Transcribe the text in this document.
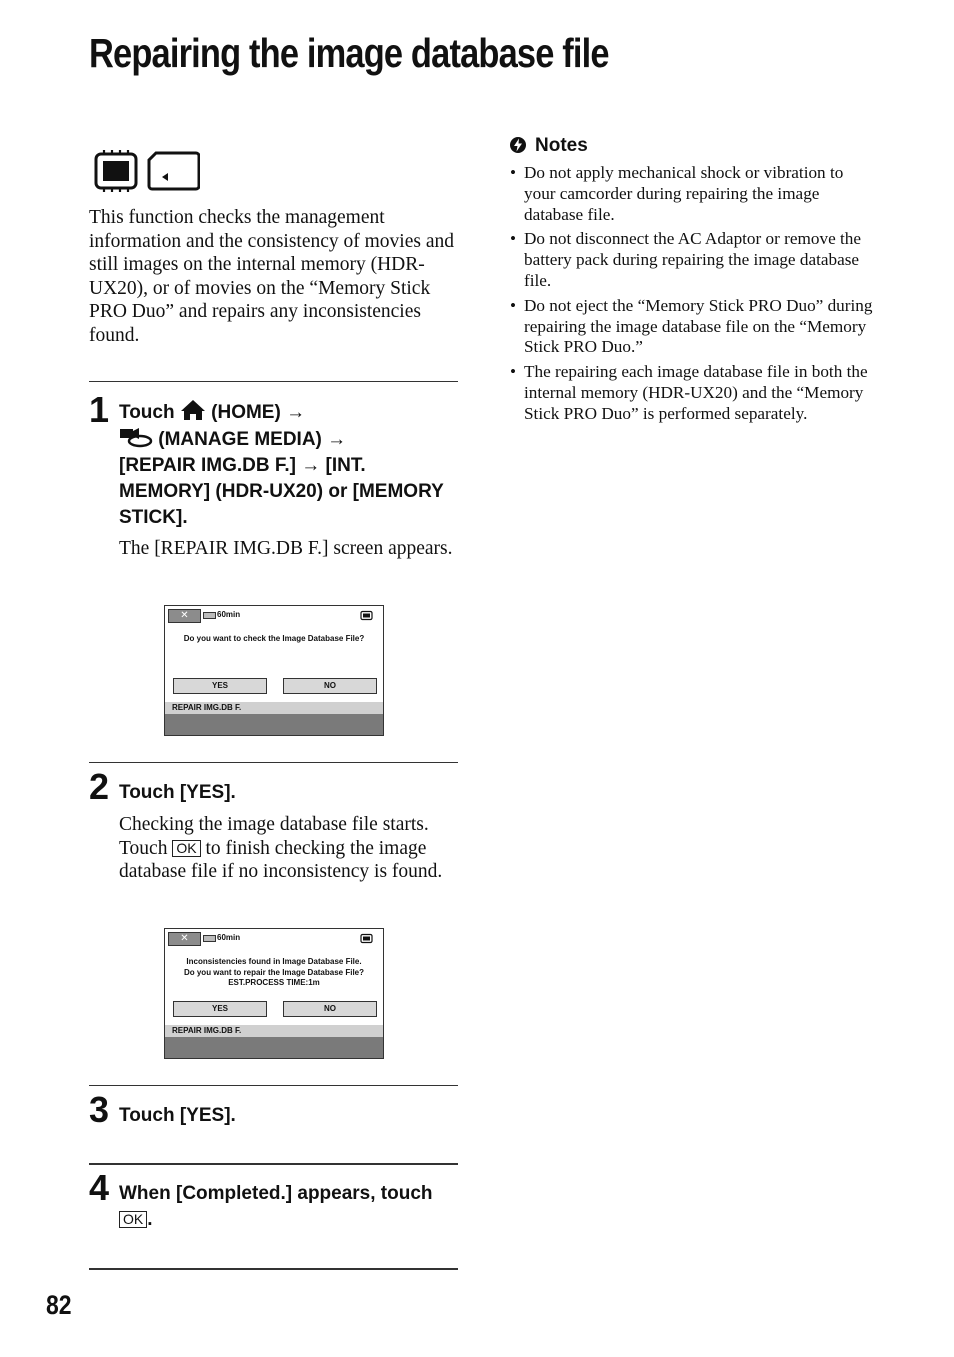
Repairing the image database file

This function checks the management information and the consistency of movies and still images on the internal memory (HDR-UX20), or of movies on the “Memory Stick PRO Duo” and repairs any inconsistencies found.

1 Touch (HOME) →
(MANAGE MEDIA) →
[REPAIR IMG.DB F.] → [INT. MEMORY] (HDR-UX20) or [MEMORY STICK].

The [REPAIR IMG.DB F.] screen appears.

✕	60min

Do you want to check the Image Database File?

YES	NO
REPAIR IMG.DB F.
2 Touch [YES].

Checking the image database file starts. Touch OK to finish checking the image database file if no inconsistency is found.

✕	60min

Inconsistencies found in Image Database File.

Do you want to repair the Image Database File?

EST.PROCESS TIME:1m

YES	NO
REPAIR IMG.DB F.
3 Touch [YES].

4 When [Completed.] appears, touch OK .

Notes
• Do not apply mechanical shock or vibration to your camcorder during repairing the image database file.
• Do not disconnect the AC Adaptor or remove the battery pack during repairing the image database file.
• Do not eject the “Memory Stick PRO Duo” during repairing the image database file on the “Memory Stick PRO Duo.”
• The repairing each image database file in both the internal memory (HDR-UX20) and the “Memory Stick PRO Duo” is performed separately.
82
